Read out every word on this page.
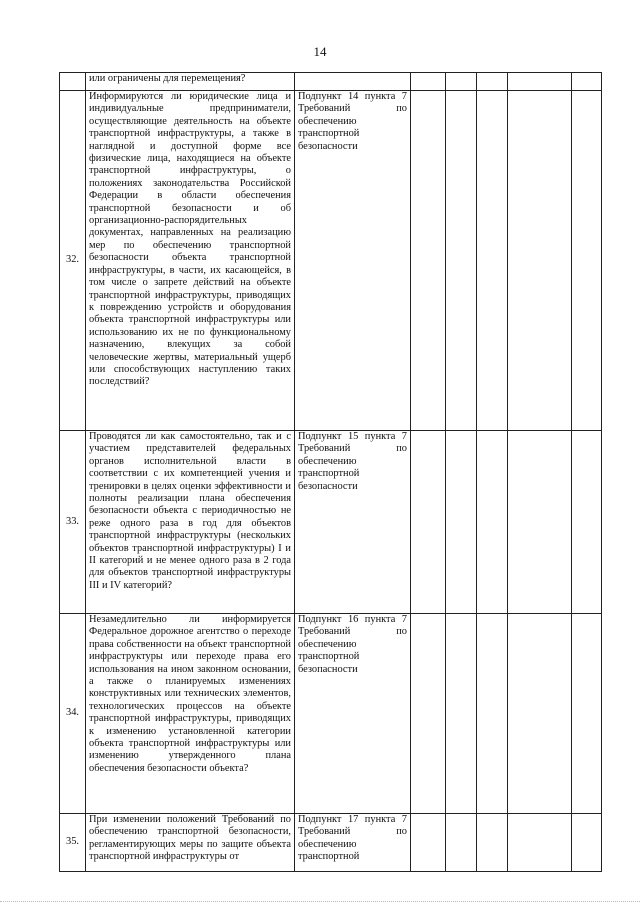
14
	или ограничены для перемещения?						
32.	Информируются ли юридические лица и индивидуальные предприниматели, осуществляющие деятельность на объекте транспортной инфраструктуры, а также в наглядной и доступной форме все физические лица, находящиеся на объекте транспортной инфраструктуры, о положениях законодательства Российской Федерации в области обеспечения транспортной безопасности и об организационно-распорядительных документах, направленных на реализацию мер по обеспечению транспортной безопасности объекта транспортной инфраструктуры, в части, их касающейся, в том числе о запрете действий на объекте транспортной инфраструктуры, приводящих к повреждению устройств и оборудования объекта транспортной инфраструктуры или использованию их не по функциональному назначению, влекущих за собой человеческие жертвы, материальный ущерб или способствующих наступлению таких последствий?	Подпункт 14 пункта 7 Требований по обеспечению транспортной безопасности					
33.	Проводятся ли как самостоятельно, так и с участием представителей федеральных органов исполнительной власти в соответствии с их компетенцией учения и тренировки в целях оценки эффективности и полноты реализации плана обеспечения безопасности объекта с периодичностью не реже одного раза в год для объектов транспортной инфраструктуры (нескольких объектов транспортной инфраструктуры) I и II категорий и не менее одного раза в 2 года для объектов транспортной инфраструктуры III и IV категорий?	Подпункт 15 пункта 7 Требований по обеспечению транспортной безопасности					
34.	Незамедлительно ли информируется Федеральное дорожное агентство о переходе права собственности на объект транспортной инфраструктуры или переходе права его использования на ином законном основании, а также о планируемых изменениях конструктивных или технических элементов, технологических процессов на объекте транспортной инфраструктуры, приводящих к изменению установленной категории объекта транспортной инфраструктуры или изменению утвержденного плана обеспечения безопасности объекта?	Подпункт 16 пункта 7 Требований по обеспечению транспортной безопасности					
35.	При изменении положений Требований по обеспечению транспортной безопасности, регламентирующих меры по защите объекта транспортной инфраструктуры от	Подпункт 17 пункта 7 Требований по обеспечению транспортной					
